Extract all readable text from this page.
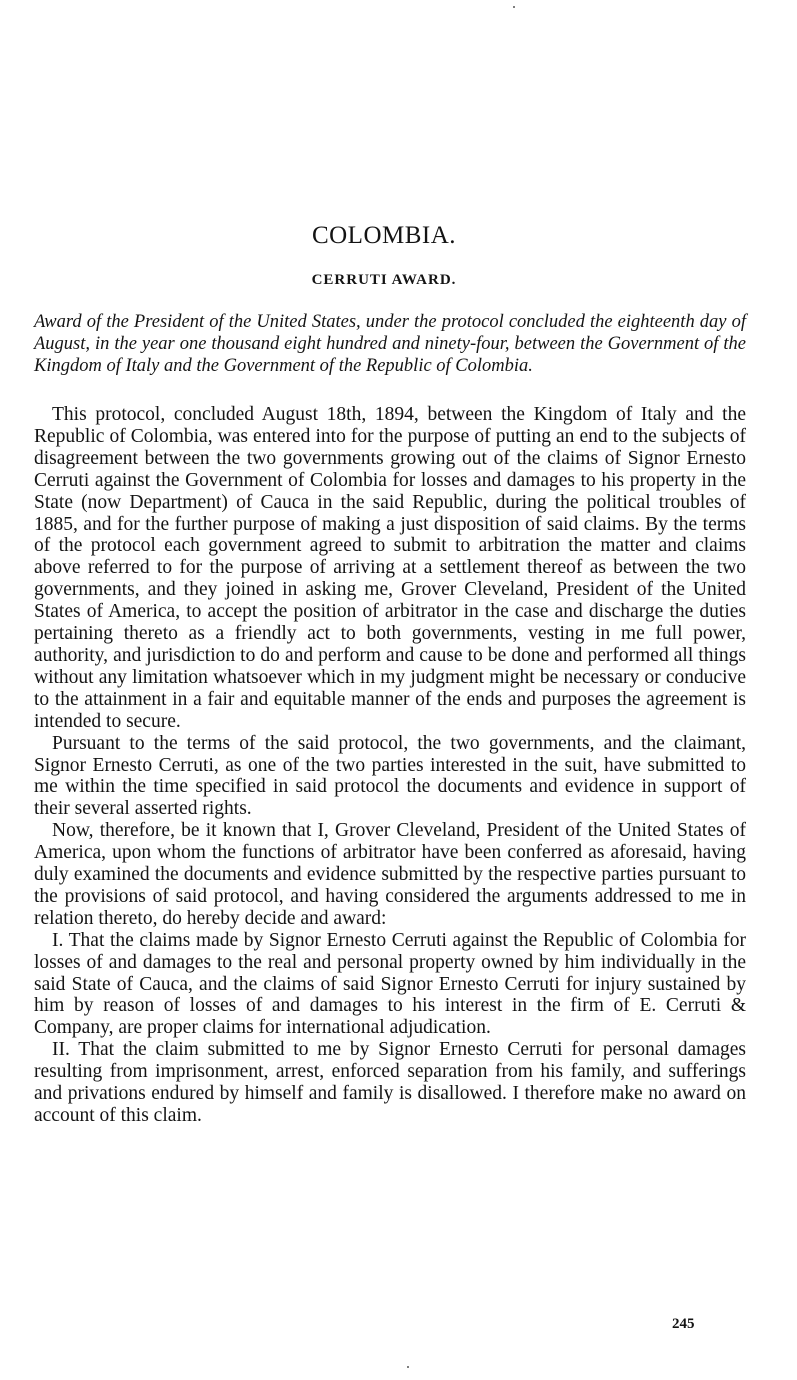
COLOMBIA.
CERRUTI AWARD.
Award of the President of the United States, under the protocol concluded the eighteenth day of August, in the year one thousand eight hundred and ninety-four, between the Government of the Kingdom of Italy and the Government of the Republic of Colombia.

This protocol, concluded August 18th, 1894, between the Kingdom of Italy and the Republic of Colombia, was entered into for the purpose of putting an end to the subjects of disagreement between the two governments growing out of the claims of Signor Ernesto Cerruti against the Government of Colombia for losses and damages to his property in the State (now Department) of Cauca in the said Republic, during the political troubles of 1885, and for the further purpose of making a just disposition of said claims. By the terms of the protocol each government agreed to submit to arbitration the matter and claims above referred to for the purpose of arriving at a settlement thereof as between the two governments, and they joined in asking me, Grover Cleveland, President of the United States of America, to accept the position of arbitrator in the case and discharge the duties pertaining thereto as a friendly act to both governments, vesting in me full power, authority, and jurisdiction to do and perform and cause to be done and performed all things without any limitation whatsoever which in my judgment might be necessary or conducive to the attainment in a fair and equitable manner of the ends and purposes the agreement is intended to secure.

Pursuant to the terms of the said protocol, the two governments, and the claimant, Signor Ernesto Cerruti, as one of the two parties interested in the suit, have submitted to me within the time specified in said protocol the documents and evidence in support of their several asserted rights.

Now, therefore, be it known that I, Grover Cleveland, President of the United States of America, upon whom the functions of arbitrator have been conferred as aforesaid, having duly examined the documents and evidence submitted by the respective parties pursuant to the provisions of said protocol, and having considered the arguments addressed to me in relation thereto, do hereby decide and award:

I. That the claims made by Signor Ernesto Cerruti against the Republic of Colombia for losses of and damages to the real and personal property owned by him individually in the said State of Cauca, and the claims of said Signor Ernesto Cerruti for injury sustained by him by reason of losses of and damages to his interest in the firm of E. Cerruti & Company, are proper claims for international adjudication.

II. That the claim submitted to me by Signor Ernesto Cerruti for personal damages resulting from imprisonment, arrest, enforced separation from his family, and sufferings and privations endured by himself and family is disallowed. I therefore make no award on account of this claim.

245
